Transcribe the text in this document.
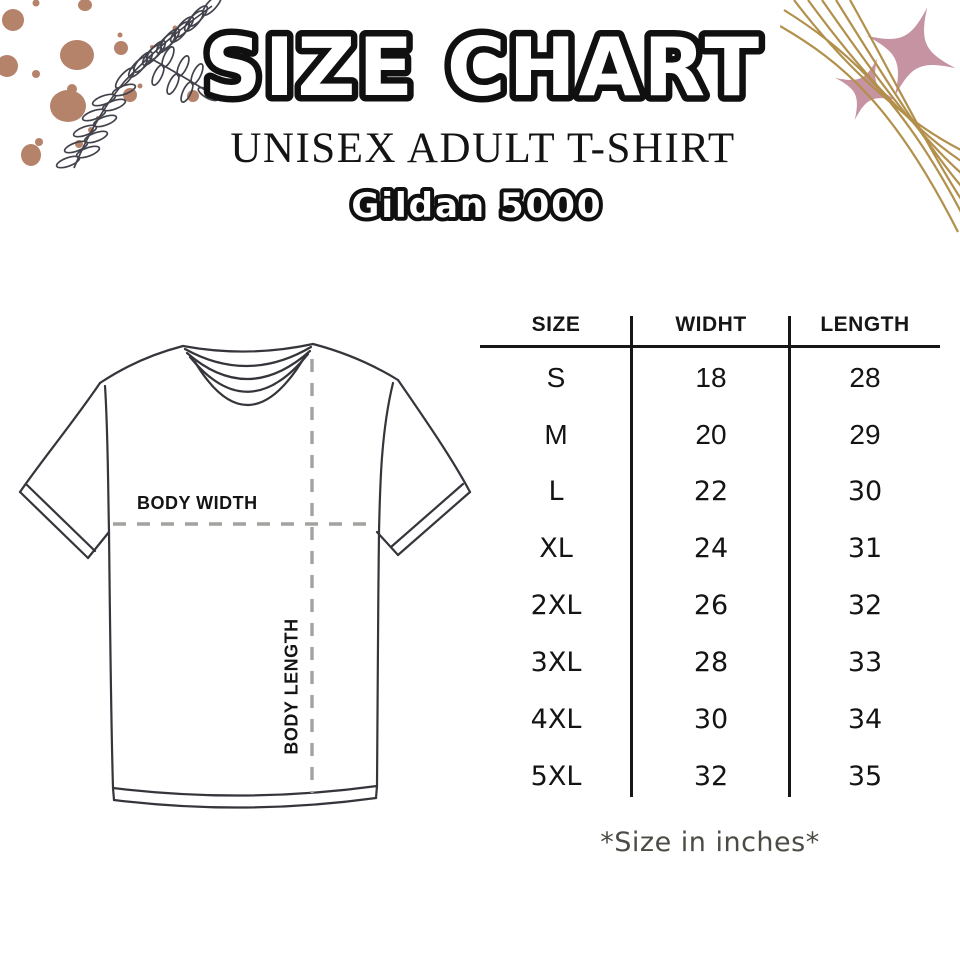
SIZE CHART
UNISEX ADULT T-SHIRT
Gildan 5000
BODY WIDTH
BODY LENGTH
SIZE	WIDHT	LENGTH
S	18	28
M	20	29
L	22	30
XL	24	31
2XL	26	32
3XL	28	33
4XL	30	34
5XL	32	35
*Size in inches*
